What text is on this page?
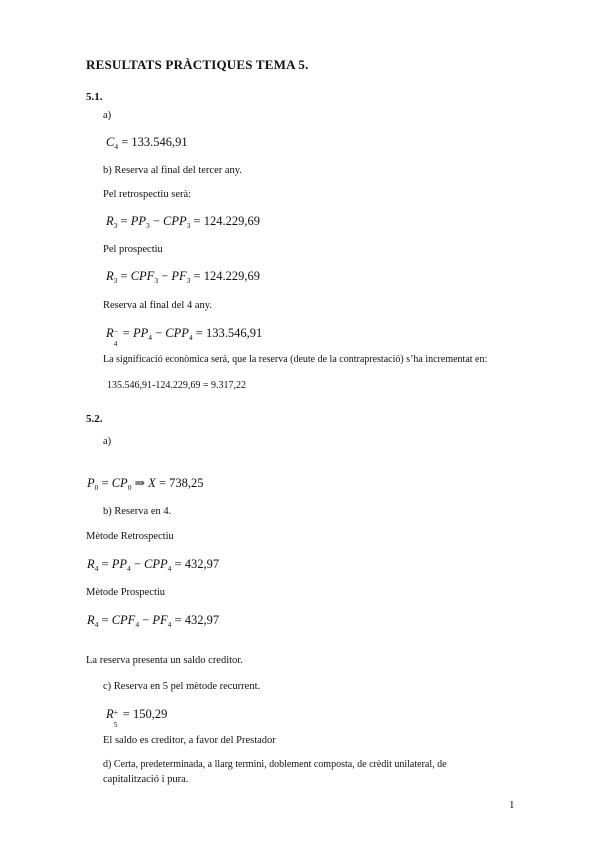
RESULTATS PRÀCTIQUES TEMA 5.
5.1.
a)
$C_4 = 133.546,91$
b) Reserva al final del tercer any.
Pel retrospectiu serà:
$R_3 = PP_3 - CPP_3 = 124.229,69$
Pel prospectiu
$R_3 = CPF_3 - PF_3 = 124.229,69$
Reserva al final del 4 any.
R −
4
= $PP_4 - CPP_4 = 133.546,91$
La significació econòmica serà, que la reserva (deute de la contraprestació) s’ha incrementat en:
135.546,91-124.229,69 = 9.317,22
5.2.
a)
$P_0 = CP_0$ ⇒ X = 738,25
b) Reserva en 4.
Mètode Retrospectiu
$R_4 = PP_4 - CPP_4 = 432,97$
Mètode Prospectiu
$R_4 = CPF_4 - PF_4 = 432,97$
La reserva presenta un saldo creditor.
c) Reserva en 5 pel mètode recurrent.
R +
5
= 150,29
El saldo es creditor, a favor del Prestador
d) Certa, predeterminada, a llarg termini, doblement composta, de crèdit unilateral, de
capitalització i pura.
1
